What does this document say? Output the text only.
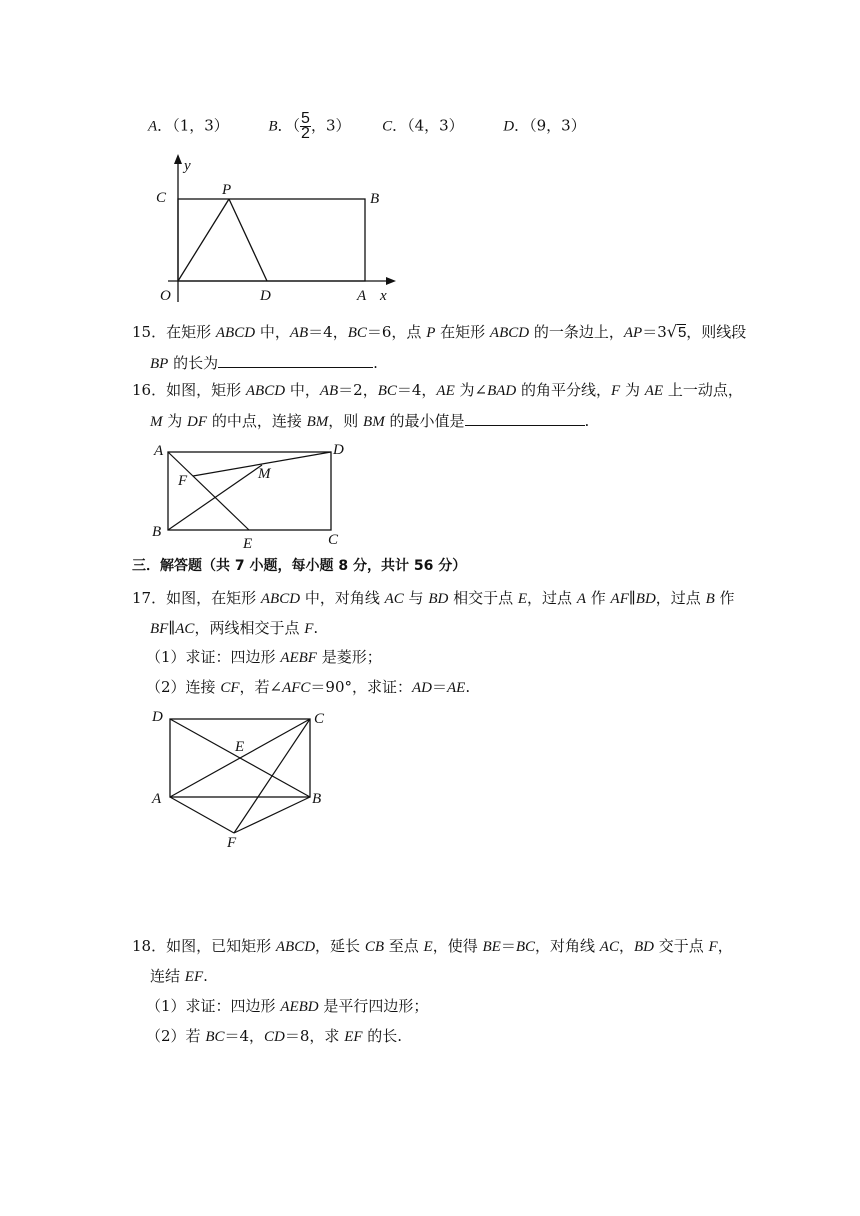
A．（1，3）	B．（ $\frac{5}{2}$ ，3） C．（4，3）	D．（9，3）
y
x
C	P
B
O	D	A
15．在矩形 ABCD 中，AB＝4，BC＝6，点 P 在矩形 ABCD 的一条边上，AP＝3√5，则线段
BP 的长为	.
16．如图，矩形 ABCD 中，AB＝2，BC＝4，AE 为∠BAD 的角平分线，F 为 AE 上一动点，
M 为 DF 的中点，连接 BM，则 BM 的最小值是	.
A	D
F	M
B
E	C
三．解答题（共 7 小题，每小题 8 分，共计 56 分）
17．如图，在矩形 ABCD 中，对角线 AC 与 BD 相交于点 E，过点 A 作 AF∥BD，过点 B 作
BF∥AC，两线相交于点 F.
（1）求证：四边形 AEBF 是菱形；
（2）连接 CF，若∠AFC＝90°，求证：AD＝AE.
D	C
E
A	B
F
18．如图，已知矩形 ABCD，延长 CB 至点 E，使得 BE＝BC，对角线 AC，BD 交于点 F，
连结 EF.
（1）求证：四边形 AEBD 是平行四边形；
（2）若 BC＝4，CD＝8，求 EF 的长.
